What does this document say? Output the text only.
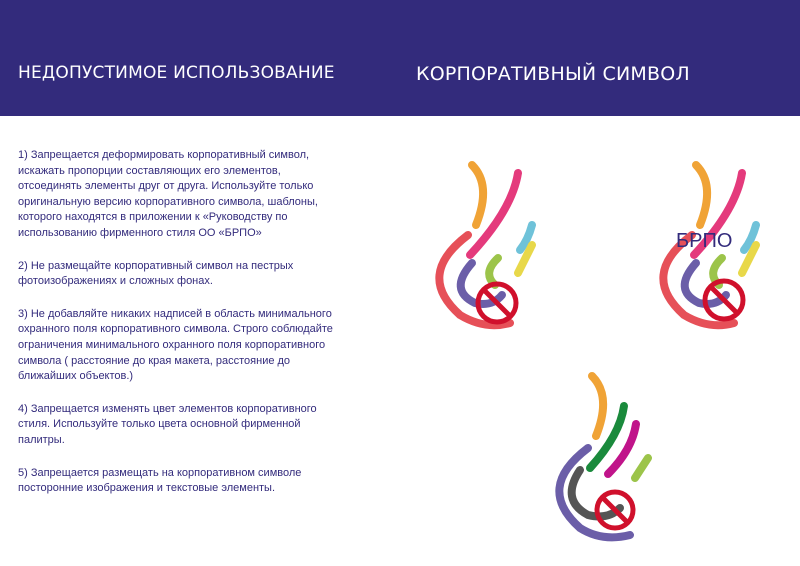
НЕДОПУСТИМОЕ ИСПОЛЬЗОВАНИЕ	КОРПОРАТИВНЫЙ СИМВОЛ

1) Запрещается деформировать корпоративный символ,
искажать пропорции составляющих его элементов,
отсоединять элементы друг от друга. Используйте только
оригинальную версию корпоративного символа, шаблоны,
которого находятся в приложении к «Руководству по
использованию фирменного стиля ОО «БРПО»

2) Не размещайте корпоративный символ на пестрых
фотоизображениях и сложных фонах.

3) Не добавляйте никаких надписей в область минимального
охранного поля корпоративного символа. Строго соблюдайте
ограничения минимального охранного поля корпоративного
символа ( расстояние до края макета, расстояние до
ближайших объектов.)

4) Запрещается изменять цвет элементов корпоративного
стиля. Используйте только цвета основной фирменной
палитры.

5) Запрещается размещать на корпоративном символе
посторонние изображения и текстовые элементы.

БРПО
